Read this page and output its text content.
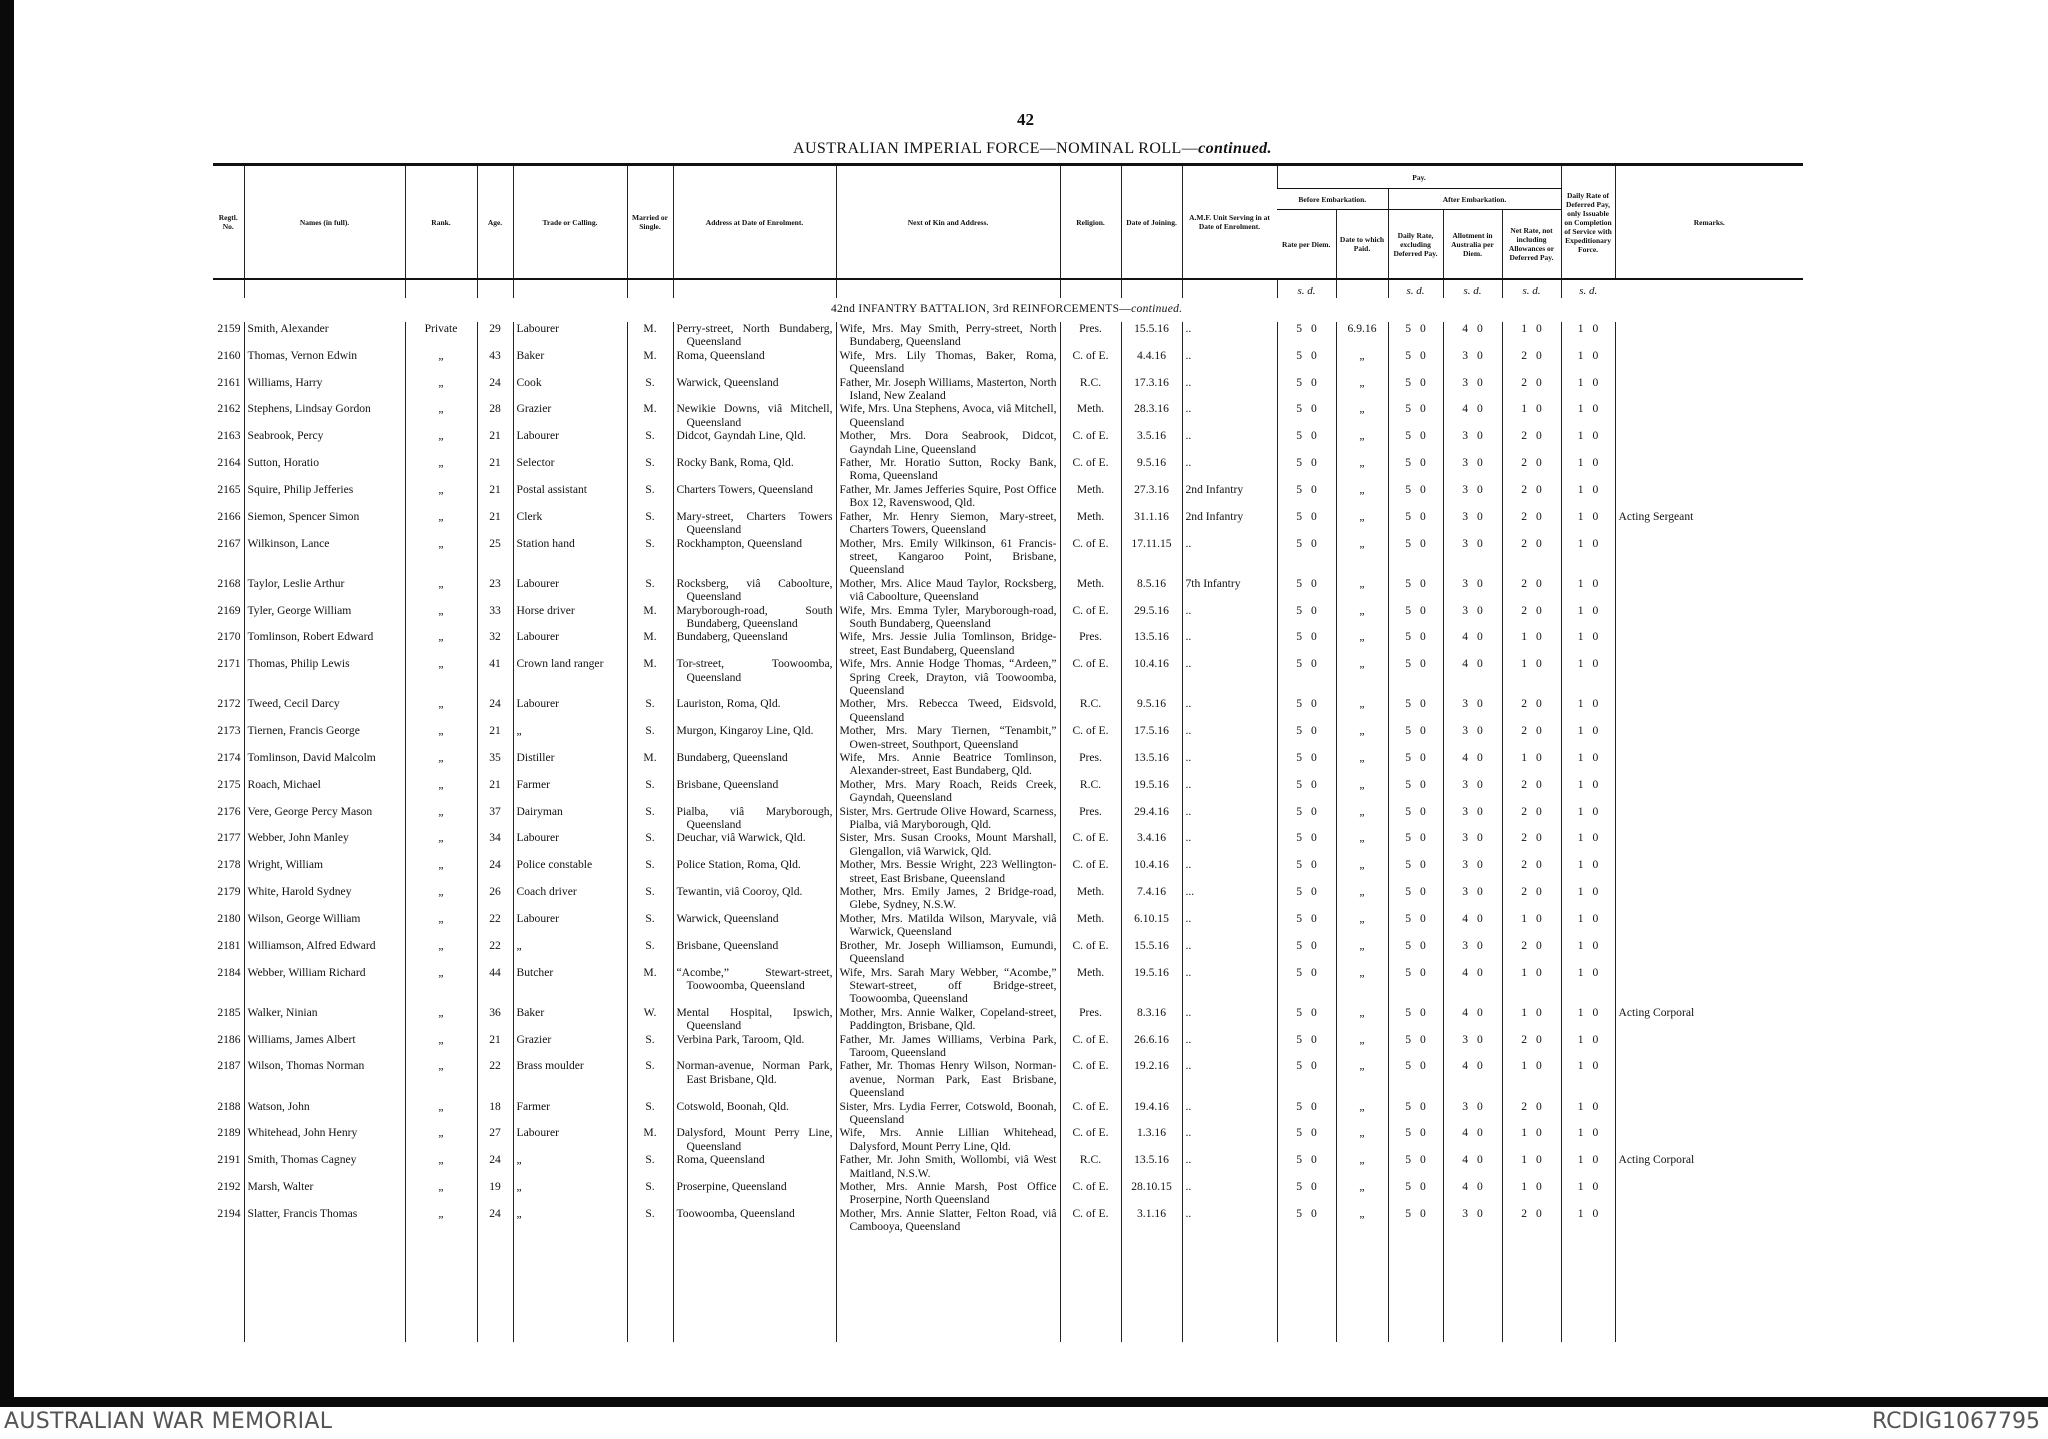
42
AUSTRALIAN IMPERIAL FORCE—NOMINAL ROLL—continued.
Regtl. No.	Names (in full).	Rank.	Age.	Trade or Calling.	Married or Single.	Address at Date of Enrolment.	Next of Kin and Address.	Religion.	Date of Joining.	A.M.F. Unit Serving in at Date of Enrolment.	Pay.					Daily Rate of Deferred Pay, only Issuable on Completion of Service with Expeditionary Force.	Remarks.
											Before Embarkation.		After Embarkation.				
											Rate per Diem.	Date to which Paid.	Daily Rate, excluding Deferred Pay.	Allotment in Australia per Diem.	Net Rate, not including Allowances or Deferred Pay.		
											s. d.		s. d.	s. d.	s. d.	s. d.	
							42nd INFANTRY BATTALION, 3rd REINFORCEMENTS—continued.										
2159	Smith, Alexander	Private	29	Labourer	M.	Perry-street, North Bundaberg, Queensland	Wife, Mrs. May Smith, Perry-street, North Bundaberg, Queensland	Pres.	15.5.16	..	5 0	6.9.16	5 0	4 0	1 0	1 0	

2160	Thomas, Vernon Edwin	„	43	Baker	M.	Roma, Queensland	Wife, Mrs. Lily Thomas, Baker, Roma, Queensland	C. of E.	4.4.16	..	5 0	„	5 0	3 0	2 0	1 0	

2161	Williams, Harry	„	24	Cook	S.	Warwick, Queensland	Father, Mr. Joseph Williams, Masterton, North Island, New Zealand	R.C.	17.3.16	..	5 0	„	5 0	3 0	2 0	1 0	

2162	Stephens, Lindsay Gordon	„	28	Grazier	M.	Newikie Downs, viâ Mitchell, Queensland	Wife, Mrs. Una Stephens, Avoca, viâ Mitchell, Queensland	Meth.	28.3.16	..	5 0	„	5 0	4 0	1 0	1 0	

2163	Seabrook, Percy	„	21	Labourer	S.	Didcot, Gayndah Line, Qld.	Mother, Mrs. Dora Seabrook, Didcot, Gayndah Line, Queensland	C. of E.	3.5.16	..	5 0	„	5 0	3 0	2 0	1 0	

2164	Sutton, Horatio	„	21	Selector	S.	Rocky Bank, Roma, Qld.	Father, Mr. Horatio Sutton, Rocky Bank, Roma, Queensland	C. of E.	9.5.16	..	5 0	„	5 0	3 0	2 0	1 0	

2165	Squire, Philip Jefferies	„	21	Postal assistant	S.	Charters Towers, Queensland	Father, Mr. James Jefferies Squire, Post Office Box 12, Ravenswood, Qld.	Meth.	27.3.16	2nd Infantry	5 0	„	5 0	3 0	2 0	1 0	

2166	Siemon, Spencer Simon	„	21	Clerk	S.	Mary-street, Charters Towers Queensland	Father, Mr. Henry Siemon, Mary-street, Charters Towers, Queensland	Meth.	31.1.16	2nd Infantry	5 0	„	5 0	3 0	2 0	1 0	Acting Sergeant
2167	Wilkinson, Lance	„	25	Station hand	S.	Rockhampton, Queensland	Mother, Mrs. Emily Wilkinson, 61 Francis-street, Kangaroo Point, Brisbane, Queensland	C. of E.	17.11.15	..	5 0	„	5 0	3 0	2 0	1 0	

2168	Taylor, Leslie Arthur	„	23	Labourer	S.	Rocksberg, viâ Caboolture, Queensland	Mother, Mrs. Alice Maud Taylor, Rocksberg, viâ Caboolture, Queensland	Meth.	8.5.16	7th Infantry	5 0	„	5 0	3 0	2 0	1 0	

2169	Tyler, George William	„	33	Horse driver	M.	Maryborough-road, South Bundaberg, Queensland	Wife, Mrs. Emma Tyler, Maryborough-road, South Bundaberg, Queensland	C. of E.	29.5.16	..	5 0	„	5 0	3 0	2 0	1 0	

2170	Tomlinson, Robert Edward	„	32	Labourer	M.	Bundaberg, Queensland	Wife, Mrs. Jessie Julia Tomlinson, Bridge-street, East Bundaberg, Queensland	Pres.	13.5.16	..	5 0	„	5 0	4 0	1 0	1 0	

2171	Thomas, Philip Lewis	„	41	Crown land ranger	M.	Tor-street, Toowoomba, Queensland	Wife, Mrs. Annie Hodge Thomas, “Ardeen,” Spring Creek, Drayton, viâ Toowoomba, Queensland	C. of E.	10.4.16	..	5 0	„	5 0	4 0	1 0	1 0	

2172	Tweed, Cecil Darcy	„	24	Labourer	S.	Lauriston, Roma, Qld.	Mother, Mrs. Rebecca Tweed, Eidsvold, Queensland	R.C.	9.5.16	..	5 0	„	5 0	3 0	2 0	1 0	

2173	Tiernen, Francis George	„	21	„	S.	Murgon, Kingaroy Line, Qld.	Mother, Mrs. Mary Tiernen, “Tenambit,” Owen-street, Southport, Queensland	C. of E.	17.5.16	..	5 0	„	5 0	3 0	2 0	1 0	

2174	Tomlinson, David Malcolm	„	35	Distiller	M.	Bundaberg, Queensland	Wife, Mrs. Annie Beatrice Tomlinson, Alexander-street, East Bundaberg, Qld.	Pres.	13.5.16	..	5 0	„	5 0	4 0	1 0	1 0	

2175	Roach, Michael	„	21	Farmer	S.	Brisbane, Queensland	Mother, Mrs. Mary Roach, Reids Creek, Gayndah, Queensland	R.C.	19.5.16	..	5 0	„	5 0	3 0	2 0	1 0	

2176	Vere, George Percy Mason	„	37	Dairyman	S.	Pialba, viâ Maryborough, Queensland	Sister, Mrs. Gertrude Olive Howard, Scarness, Pialba, viâ Maryborough, Qld.	Pres.	29.4.16	..	5 0	„	5 0	3 0	2 0	1 0	

2177	Webber, John Manley	„	34	Labourer	S.	Deuchar, viâ Warwick, Qld.	Sister, Mrs. Susan Crooks, Mount Marshall, Glengallon, viâ Warwick, Qld.	C. of E.	3.4.16	..	5 0	„	5 0	3 0	2 0	1 0	

2178	Wright, William	„	24	Police constable	S.	Police Station, Roma, Qld.	Mother, Mrs. Bessie Wright, 223 Wellington-street, East Brisbane, Queensland	C. of E.	10.4.16	..	5 0	„	5 0	3 0	2 0	1 0	

2179	White, Harold Sydney	„	26	Coach driver	S.	Tewantin, viâ Cooroy, Qld.	Mother, Mrs. Emily James, 2 Bridge-road, Glebe, Sydney, N.S.W.	Meth.	7.4.16	...	5 0	„	5 0	3 0	2 0	1 0	

2180	Wilson, George William	„	22	Labourer	S.	Warwick, Queensland	Mother, Mrs. Matilda Wilson, Maryvale, viâ Warwick, Queensland	Meth.	6.10.15	..	5 0	„	5 0	4 0	1 0	1 0	

2181	Williamson, Alfred Edward	„	22	„	S.	Brisbane, Queensland	Brother, Mr. Joseph Williamson, Eumundi, Queensland	C. of E.	15.5.16	..	5 0	„	5 0	3 0	2 0	1 0	

2184	Webber, William Richard	„	44	Butcher	M.	“Acombe,” Stewart-street, Toowoomba, Queensland	Wife, Mrs. Sarah Mary Webber, “Acombe,” Stewart-street, off Bridge-street, Toowoomba, Queensland	Meth.	19.5.16	..	5 0	„	5 0	4 0	1 0	1 0	

2185	Walker, Ninian	„	36	Baker	W.	Mental Hospital, Ipswich, Queensland	Mother, Mrs. Annie Walker, Copeland-street, Paddington, Brisbane, Qld.	Pres.	8.3.16	..	5 0	„	5 0	4 0	1 0	1 0	Acting Corporal
2186	Williams, James Albert	„	21	Grazier	S.	Verbina Park, Taroom, Qld.	Father, Mr. James Williams, Verbina Park, Taroom, Queensland	C. of E.	26.6.16	..	5 0	„	5 0	3 0	2 0	1 0	

2187	Wilson, Thomas Norman	„	22	Brass moulder	S.	Norman-avenue, Norman Park, East Brisbane, Qld.	Father, Mr. Thomas Henry Wilson, Norman-avenue, Norman Park, East Brisbane, Queensland	C. of E.	19.2.16	..	5 0	„	5 0	4 0	1 0	1 0	

2188	Watson, John	„	18	Farmer	S.	Cotswold, Boonah, Qld.	Sister, Mrs. Lydia Ferrer, Cotswold, Boonah, Queensland	C. of E.	19.4.16	..	5 0	„	5 0	3 0	2 0	1 0	

2189	Whitehead, John Henry	„	27	Labourer	M.	Dalysford, Mount Perry Line, Queensland	Wife, Mrs. Annie Lillian Whitehead, Dalysford, Mount Perry Line, Qld.	C. of E.	1.3.16	..	5 0	„	5 0	4 0	1 0	1 0	

2191	Smith, Thomas Cagney	„	24	„	S.	Roma, Queensland	Father, Mr. John Smith, Wollombi, viâ West Maitland, N.S.W.	R.C.	13.5.16	..	5 0	„	5 0	4 0	1 0	1 0	Acting Corporal
2192	Marsh, Walter	„	19	„	S.	Proserpine, Queensland	Mother, Mrs. Annie Marsh, Post Office Proserpine, North Queensland	C. of E.	28.10.15	..	5 0	„	5 0	4 0	1 0	1 0	

2194	Slatter, Francis Thomas	„	24	„	S.	Toowoomba, Queensland	Mother, Mrs. Annie Slatter, Felton Road, viâ Cambooya, Queensland	C. of E.	3.1.16	..	5 0	„	5 0	3 0	2 0	1 0	

AUSTRALIAN WAR MEMORIAL	RCDIG1067795
